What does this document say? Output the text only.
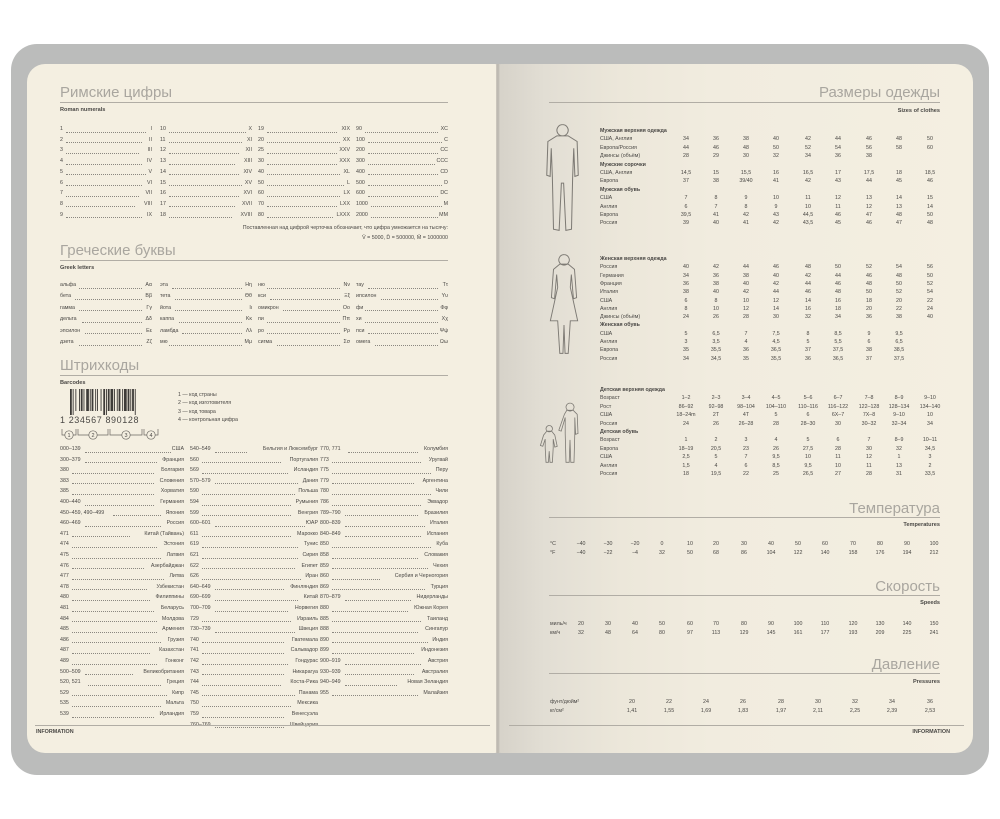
Римские цифры
Roman numerals
1	I
2	II
3	III
4	IV
5	V
6	VI
7	VII
8	VIII
9	IX
10	X
11	XI
12	XII
13	XIII
14	XIV
15	XV
16	XVI
17	XVII
18	XVIII
19	XIX
20	XX
25	XXV
30	XXX
40	XL
50	L
60	LX
70	LXX
80	LXXX
90	XC
100	C
200	CC
300	CCC
400	CD
500	D
600	DC
1000	M
2000	MM
Поставленная над цифрой черточка обозначает, что цифра умножается на тысячу:
V̄ = 5000, D̄ = 500000, M̄ = 1000000
Греческие буквы
Greek letters
альфа	Αα
бета	Ββ
гамма	Γγ
дельта	Δδ
эпсилон	Εε
дзета	Ζζ
эта	Ηη
тета	Θθ
йота	Ιι
каппа	Κκ
ламбда	Λλ
мю	Μμ
ню	Νν
кси	Ξξ
омикрон	Οο
пи	Ππ
ро	Ρρ
сигма	Σσ
тау	Ττ
ипсилон	Υυ
фи	Φφ
хи	Χχ
пси	Ψψ
омега	Ωω
Штрихкоды
Barcodes
1	2	3	4
1 234567 890128
1 — код страны
2 — код изготовителя
3 — код товара
4 — контрольная цифра
000–139	США
300–379	Франция
380	Болгария
383	Словения
385	Хорватия
400–440	Германия
450–459, 490–499	Япония
460–469	Россия
471	Китай (Тайвань)
474	Эстония
475	Латвия
476	Азербайджан
477	Литва
478	Узбекистан
480	Филиппины
481	Беларусь
484	Молдова
485	Армения
486	Грузия
487	Казахстан
489	Гонконг
500–509	Великобритания
520, 521	Греция
529	Кипр
535	Мальта
539	Ирландия
540–549	Бельгия и Люксембург
560	Португалия
569	Исландия
570–579	Дания
590	Польша
594	Румыния
599	Венгрия
600–601	ЮАР
611	Марокко
619	Тунис
621	Сирия
622	Египет
626	Иран
640–649	Финляндия
690–699	Китай
700–709	Норвегия
729	Израиль
730–739	Швеция
740	Гватемала
741	Сальвадор
742	Гондурас
743	Никарагуа
744	Коста-Рика
745	Панама
750	Мексика
759	Венесуэла
770, 771	Колумбия
773	Уругвай
775	Перу
779	Аргентина
780	Чили
786	Эквадор
789–790	Бразилия
800–839	Италия
840–849	Испания
850	Куба
858	Словакия
859	Чехия
860	Сербия и Черногория
869	Турция
870–879	Нидерланды
880	Южная Корея
885	Таиланд
888	Сингапур
890	Индия
899	Индонезия
900–919	Австрия
930–939	Австралия
940–949	Новая Зеландия
955	Малайзия
INFORMATION
Размеры одежды
Sizes of clothes
Мужская верхняя одежда
США, Англия	34	36	38	40	42	44	46	48	50
Европа/Россия	44	46	48	50	52	54	56	58	60
Джинсы (объём)	28	29	30	32	34	36	38
Мужские сорочки
США, Англия	14,5	15	15,5	16	16,5	17	17,5	18	18,5
Европа	37	38	39/40	41	42	43	44	45	46
Мужская обувь
США	7	8	9	10	11	12	13	14	15
Англия	6	7	8	9	10	11	12	13	14
Европа	39,5	41	42	43	44,5	46	47	48	50
Россия	39	40	41	42	43,5	45	46	47	48
Женская верхняя одежда
Россия	40	42	44	46	48	50	52	54	56
Германия	34	36	38	40	42	44	46	48	50
Франция	36	38	40	42	44	46	48	50	52
Италия	38	40	42	44	46	48	50	52	54
США	6	8	10	12	14	16	18	20	22
Англия	8	10	12	14	16	18	20	22	24
Джинсы (объём)	24	26	28	30	32	34	36	38	40
Женская обувь
США	5	6,5	7	7,5	8	8,5	9	9,5
Англия	3	3,5	4	4,5	5	5,5	6	6,5
Европа	35	35,5	36	36,5	37	37,5	38	38,5
Россия	34	34,5	35	35,5	36	36,5	37	37,5
Детская верхняя одежда
Возраст	1–2	2–3	3–4	4–5	5–6	6–7	7–8	8–9	9–10
Рост	86–92	92–98	98–104	104–110	110–116	116–122	122–128	128–134	134–140
США	18–24m	2T	4T	5	6	6X–7	7X–8	9–10	10
Россия	24	26	26–28	28	28–30	30	30–32	32–34	34
Детская обувь
Возраст	1	2	3	4	5	6	7	8–9	10–11
Европа	18–19	20,5	23	26	27,5	28	30	32	34,5
США	2,5	5	7	9,5	10	11	12	1	3
Англия	1,5	4	6	8,5	9,5	10	11	13	2
Россия	18	19,5	22	25	26,5	27	28	31	33,5
Температура
Temperatures
°C	−40	−30	−20	0	10	20	30	40	50	60	70	80	90	100
°F	−40	−22	−4	32	50	68	86	104	122	140	158	176	194	212
Скорость
Speeds
миль/ч	20	30	40	50	60	70	80	90	100	110	120	130	140	150
км/ч	32	48	64	80	97	113	129	145	161	177	193	209	225	241
Давление
Pressures
фунт/дюйм²	20	22	24	26	28	30	32	34	36
кг/см²	1,41	1,55	1,69	1,83	1,97	2,11	2,25	2,39	2,53
INFORMATION
